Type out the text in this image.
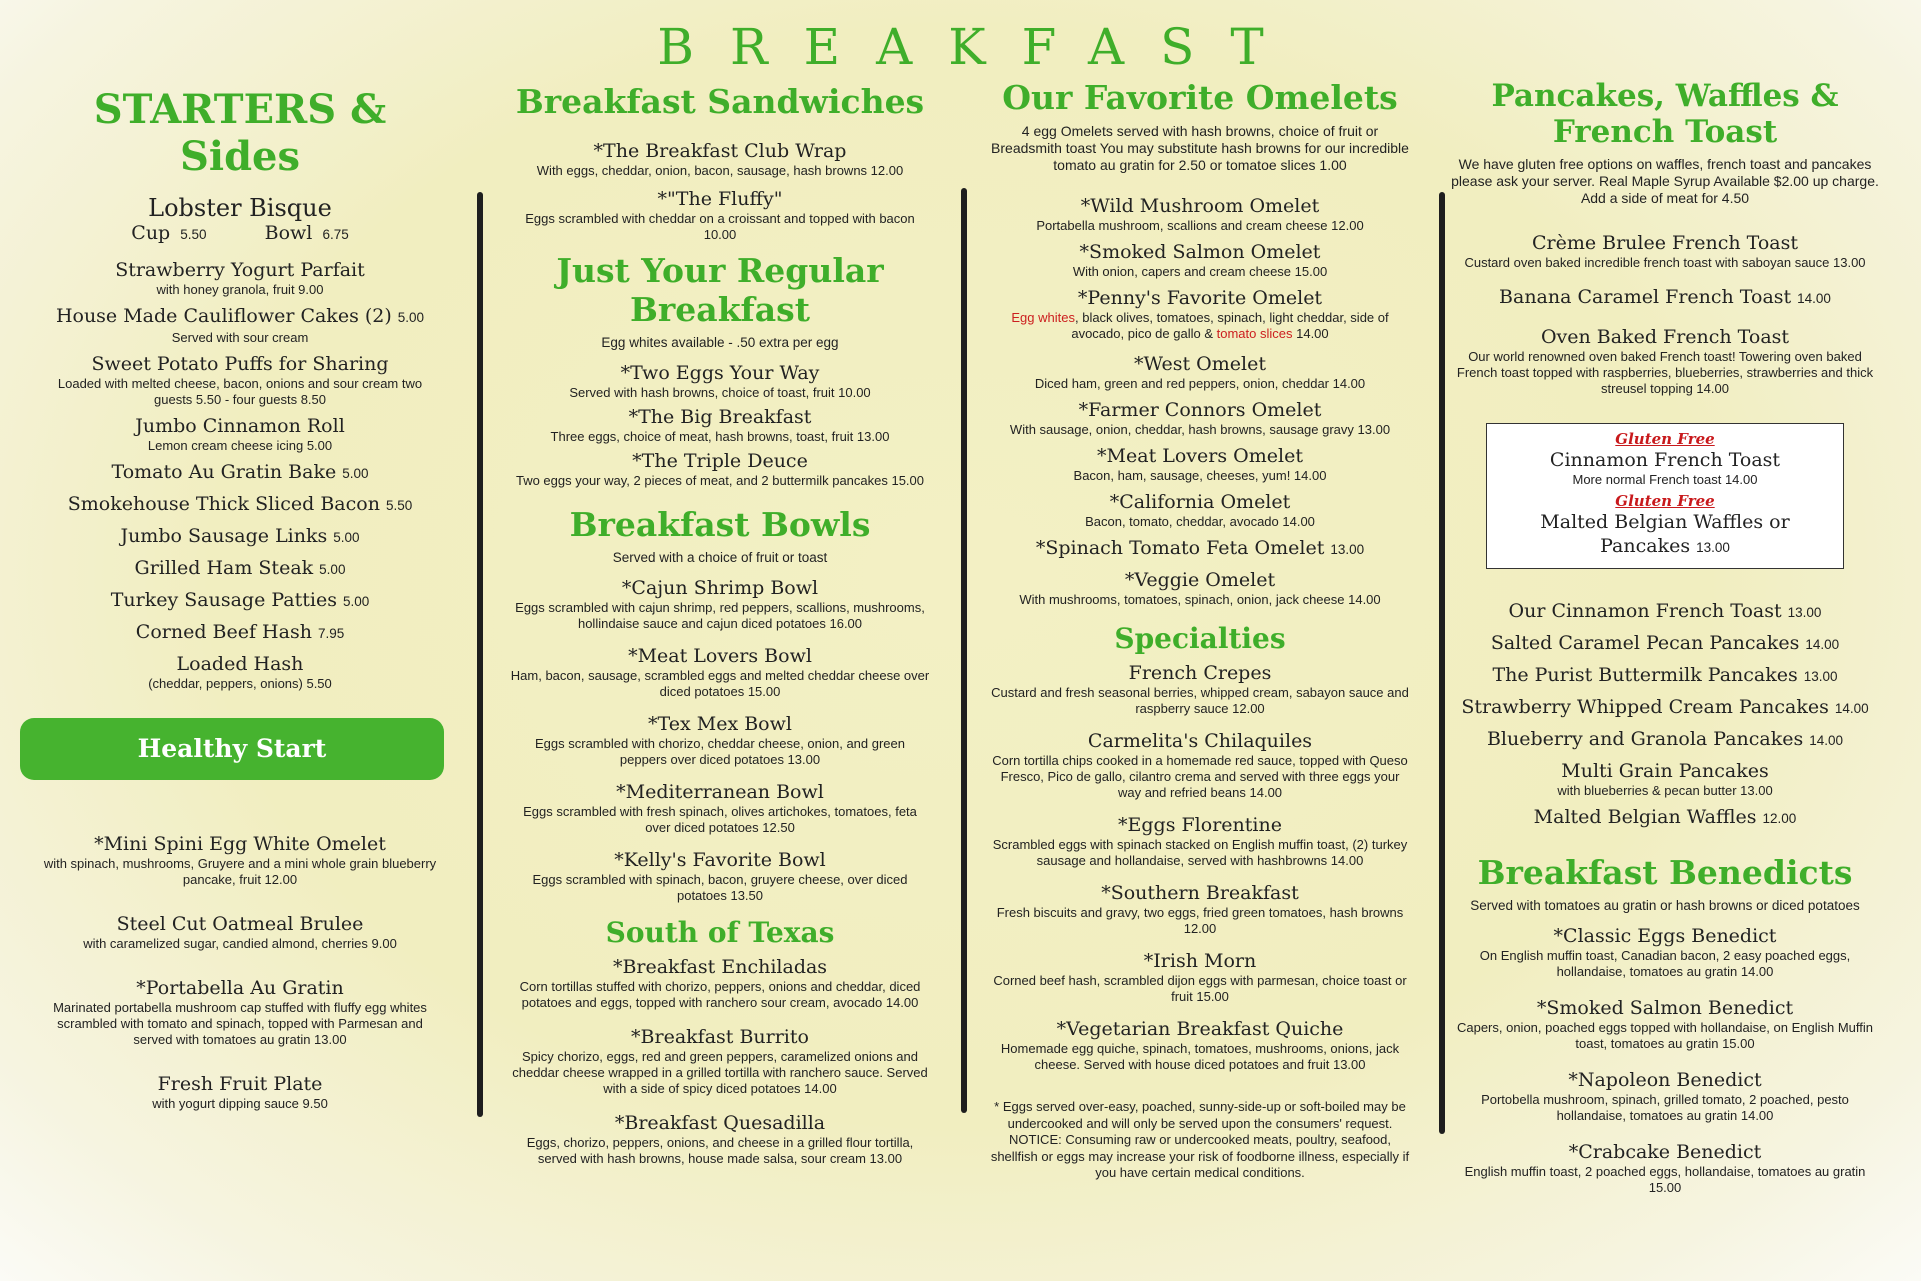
BREAKFAST
STARTERS & Sides
Lobster Bisque
Cup 5.50	Bowl 6.75
Strawberry Yogurt Parfait
with honey granola, fruit 9.00
House Made Cauliflower Cakes (2) 5.00
Served with sour cream
Sweet Potato Puffs for Sharing
Loaded with melted cheese, bacon, onions and sour cream two guests 5.50 - four guests 8.50
Jumbo Cinnamon Roll
Lemon cream cheese icing 5.00
Tomato Au Gratin Bake 5.00
Smokehouse Thick Sliced Bacon 5.50
Jumbo Sausage Links 5.00
Grilled Ham Steak 5.00
Turkey Sausage Patties 5.00
Corned Beef Hash 7.95
Loaded Hash
(cheddar, peppers, onions) 5.50
Healthy Start
*Mini Spini Egg White Omelet
with spinach, mushrooms, Gruyere and a mini whole grain blueberry pancake, fruit 12.00
Steel Cut Oatmeal Brulee
with caramelized sugar, candied almond, cherries 9.00
*Portabella Au Gratin
Marinated portabella mushroom cap stuffed with fluffy egg whites scrambled with tomato and spinach, topped with Parmesan and served with tomatoes au gratin 13.00
Fresh Fruit Plate
with yogurt dipping sauce 9.50
Breakfast Sandwiches
*The Breakfast Club Wrap
With eggs, cheddar, onion, bacon, sausage, hash browns 12.00
*"The Fluffy"
Eggs scrambled with cheddar on a croissant and topped with bacon 10.00
Just Your Regular Breakfast
Egg whites available - .50 extra per egg
*Two Eggs Your Way
Served with hash browns, choice of toast, fruit 10.00
*The Big Breakfast
Three eggs, choice of meat, hash browns, toast, fruit 13.00
*The Triple Deuce
Two eggs your way, 2 pieces of meat, and 2 buttermilk pancakes 15.00
Breakfast Bowls
Served with a choice of fruit or toast
*Cajun Shrimp Bowl
Eggs scrambled with cajun shrimp, red peppers, scallions, mushrooms, hollindaise sauce and cajun diced potatoes 16.00
*Meat Lovers Bowl
Ham, bacon, sausage, scrambled eggs and melted cheddar cheese over diced potatoes 15.00
*Tex Mex Bowl
Eggs scrambled with chorizo, cheddar cheese, onion, and green peppers over diced potatoes 13.00
*Mediterranean Bowl
Eggs scrambled with fresh spinach, olives artichokes, tomatoes, feta over diced potatoes 12.50
*Kelly's Favorite Bowl
Eggs scrambled with spinach, bacon, gruyere cheese, over diced potatoes 13.50
South of Texas
*Breakfast Enchiladas
Corn tortillas stuffed with chorizo, peppers, onions and cheddar, diced potatoes and eggs, topped with ranchero sour cream, avocado 14.00
*Breakfast Burrito
Spicy chorizo, eggs, red and green peppers, caramelized onions and cheddar cheese wrapped in a grilled tortilla with ranchero sauce. Served with a side of spicy diced potatoes 14.00
*Breakfast Quesadilla
Eggs, chorizo, peppers, onions, and cheese in a grilled flour tortilla, served with hash browns, house made salsa, sour cream 13.00
Our Favorite Omelets
4 egg Omelets served with hash browns, choice of fruit or Breadsmith toast You may substitute hash browns for our incredible tomato au gratin for 2.50 or tomatoe slices 1.00
*Wild Mushroom Omelet
Portabella mushroom, scallions and cream cheese 12.00
*Smoked Salmon Omelet
With onion, capers and cream cheese 15.00
*Penny's Favorite Omelet
Egg whites, black olives, tomatoes, spinach, light cheddar, side of avocado, pico de gallo & tomato slices 14.00
*West Omelet
Diced ham, green and red peppers, onion, cheddar 14.00
*Farmer Connors Omelet
With sausage, onion, cheddar, hash browns, sausage gravy 13.00
*Meat Lovers Omelet
Bacon, ham, sausage, cheeses, yum! 14.00
*California Omelet
Bacon, tomato, cheddar, avocado 14.00
*Spinach Tomato Feta Omelet 13.00
*Veggie Omelet
With mushrooms, tomatoes, spinach, onion, jack cheese 14.00
Specialties
French Crepes
Custard and fresh seasonal berries, whipped cream, sabayon sauce and raspberry sauce 12.00
Carmelita's Chilaquiles
Corn tortilla chips cooked in a homemade red sauce, topped with Queso Fresco, Pico de gallo, cilantro crema and served with three eggs your way and refried beans 14.00
*Eggs Florentine
Scrambled eggs with spinach stacked on English muffin toast, (2) turkey sausage and hollandaise, served with hashbrowns 14.00
*Southern Breakfast
Fresh biscuits and gravy, two eggs, fried green tomatoes, hash browns 12.00
*Irish Morn
Corned beef hash, scrambled dijon eggs with parmesan, choice toast or fruit 15.00
*Vegetarian Breakfast Quiche
Homemade egg quiche, spinach, tomatoes, mushrooms, onions, jack cheese. Served with house diced potatoes and fruit 13.00
* Eggs served over-easy, poached, sunny-side-up or soft-boiled may be undercooked and will only be served upon the consumers' request. NOTICE: Consuming raw or undercooked meats, poultry, seafood, shellfish or eggs may increase your risk of foodborne illness, especially if you have certain medical conditions.
Pancakes, Waffles & French Toast
We have gluten free options on waffles, french toast and pancakes please ask your server. Real Maple Syrup Available $2.00 up charge. Add a side of meat for 4.50
Crème Brulee French Toast
Custard oven baked incredible french toast with saboyan sauce 13.00
Banana Caramel French Toast 14.00
Oven Baked French Toast
Our world renowned oven baked French toast! Towering oven baked French toast topped with raspberries, blueberries, strawberries and thick streusel topping 14.00
Gluten Free
Cinnamon French Toast
More normal French toast 14.00
Gluten Free
Malted Belgian Waffles or Pancakes 13.00
Our Cinnamon French Toast 13.00
Salted Caramel Pecan Pancakes 14.00
The Purist Buttermilk Pancakes 13.00
Strawberry Whipped Cream Pancakes 14.00
Blueberry and Granola Pancakes 14.00
Multi Grain Pancakes
with blueberries & pecan butter 13.00
Malted Belgian Waffles 12.00
Breakfast Benedicts
Served with tomatoes au gratin or hash browns or diced potatoes
*Classic Eggs Benedict
On English muffin toast, Canadian bacon, 2 easy poached eggs, hollandaise, tomatoes au gratin 14.00
*Smoked Salmon Benedict
Capers, onion, poached eggs topped with hollandaise, on English Muffin toast, tomatoes au gratin 15.00
*Napoleon Benedict
Portobella mushroom, spinach, grilled tomato, 2 poached, pesto hollandaise, tomatoes au gratin 14.00
*Crabcake Benedict
English muffin toast, 2 poached eggs, hollandaise, tomatoes au gratin 15.00
